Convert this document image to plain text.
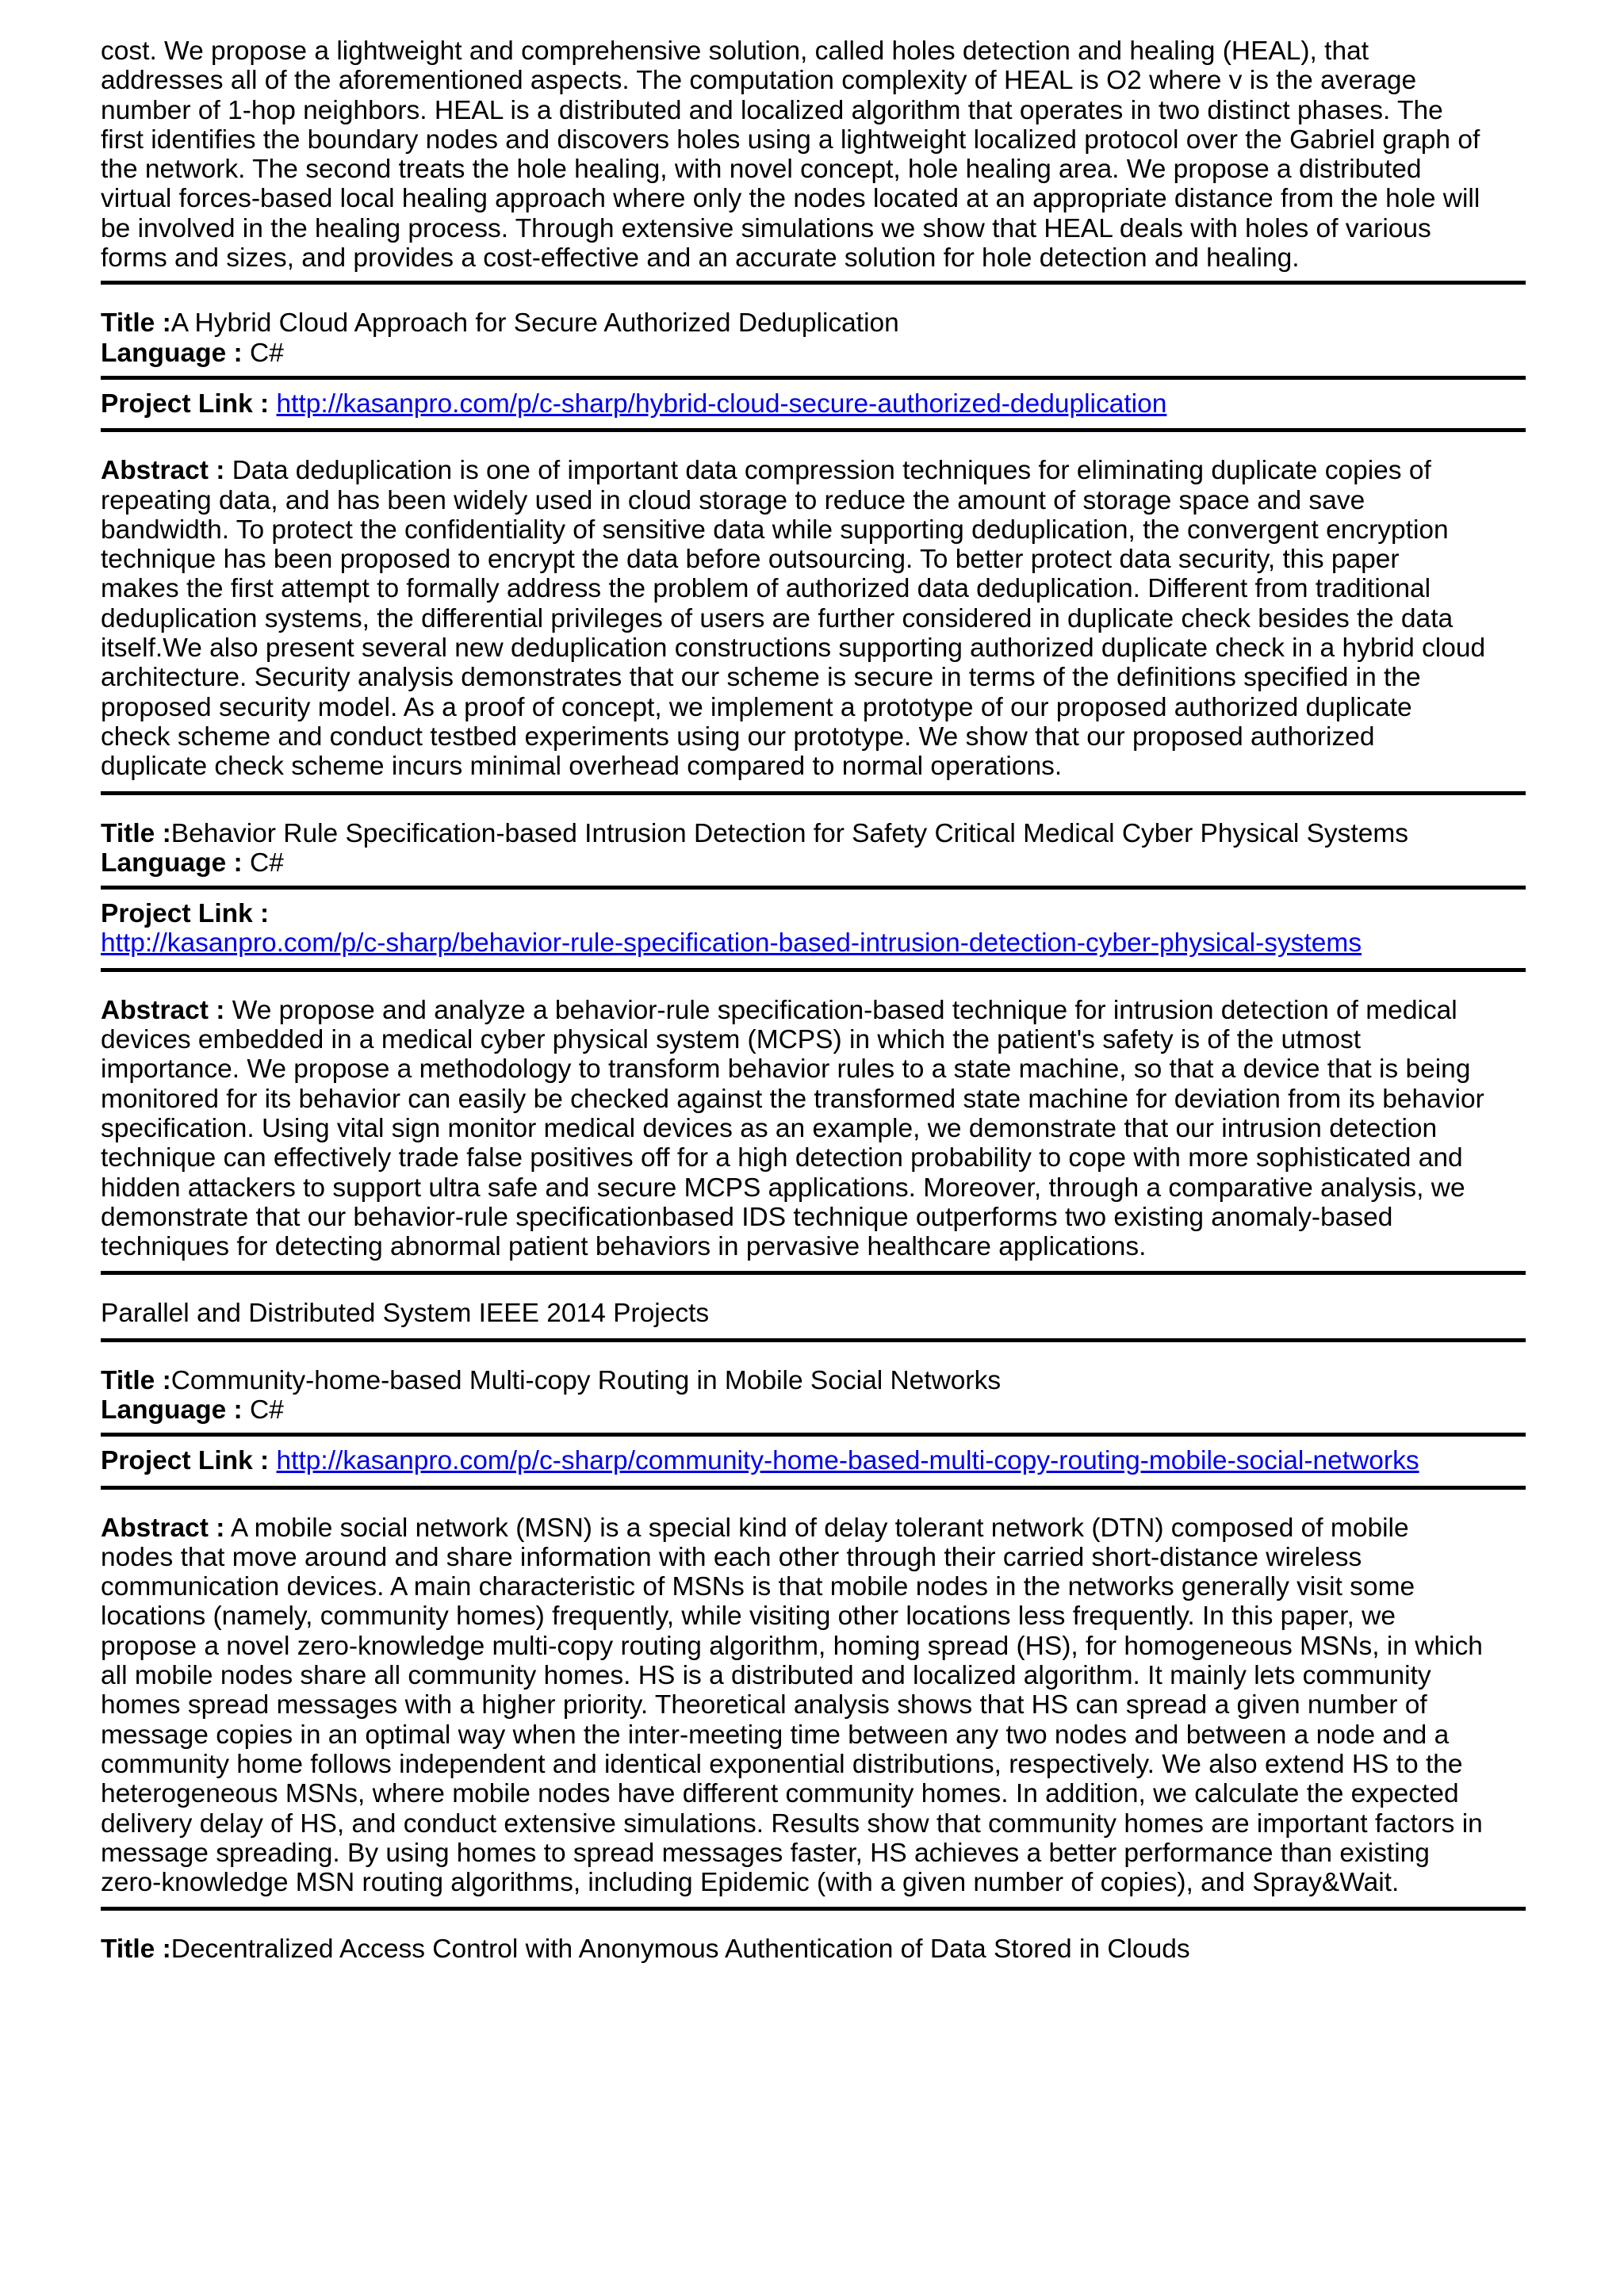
cost. We propose a lightweight and comprehensive solution, called holes detection and healing (HEAL), that
addresses all of the aforementioned aspects. The computation complexity of HEAL is O2 where v is the average
number of 1-hop neighbors. HEAL is a distributed and localized algorithm that operates in two distinct phases. The
first identifies the boundary nodes and discovers holes using a lightweight localized protocol over the Gabriel graph of
the network. The second treats the hole healing, with novel concept, hole healing area. We propose a distributed
virtual forces-based local healing approach where only the nodes located at an appropriate distance from the hole will
be involved in the healing process. Through extensive simulations we show that HEAL deals with holes of various
forms and sizes, and provides a cost-effective and an accurate solution for hole detection and healing.

Title :A Hybrid Cloud Approach for Secure Authorized Deduplication
Language : C#

Project Link : http://kasanpro.com/p/c-sharp/hybrid-cloud-secure-authorized-deduplication

Abstract : Data deduplication is one of important data compression techniques for eliminating duplicate copies of
repeating data, and has been widely used in cloud storage to reduce the amount of storage space and save
bandwidth. To protect the confidentiality of sensitive data while supporting deduplication, the convergent encryption
technique has been proposed to encrypt the data before outsourcing. To better protect data security, this paper
makes the first attempt to formally address the problem of authorized data deduplication. Different from traditional
deduplication systems, the differential privileges of users are further considered in duplicate check besides the data
itself.We also present several new deduplication constructions supporting authorized duplicate check in a hybrid cloud
architecture. Security analysis demonstrates that our scheme is secure in terms of the definitions specified in the
proposed security model. As a proof of concept, we implement a prototype of our proposed authorized duplicate
check scheme and conduct testbed experiments using our prototype. We show that our proposed authorized
duplicate check scheme incurs minimal overhead compared to normal operations.

Title :Behavior Rule Specification-based Intrusion Detection for Safety Critical Medical Cyber Physical Systems
Language : C#

Project Link :
http://kasanpro.com/p/c-sharp/behavior-rule-specification-based-intrusion-detection-cyber-physical-systems

Abstract : We propose and analyze a behavior-rule specification-based technique for intrusion detection of medical
devices embedded in a medical cyber physical system (MCPS) in which the patient's safety is of the utmost
importance. We propose a methodology to transform behavior rules to a state machine, so that a device that is being
monitored for its behavior can easily be checked against the transformed state machine for deviation from its behavior
specification. Using vital sign monitor medical devices as an example, we demonstrate that our intrusion detection
technique can effectively trade false positives off for a high detection probability to cope with more sophisticated and
hidden attackers to support ultra safe and secure MCPS applications. Moreover, through a comparative analysis, we
demonstrate that our behavior-rule specificationbased IDS technique outperforms two existing anomaly-based
techniques for detecting abnormal patient behaviors in pervasive healthcare applications.

Parallel and Distributed System IEEE 2014 Projects

Title :Community-home-based Multi-copy Routing in Mobile Social Networks
Language : C#

Project Link : http://kasanpro.com/p/c-sharp/community-home-based-multi-copy-routing-mobile-social-networks

Abstract : A mobile social network (MSN) is a special kind of delay tolerant network (DTN) composed of mobile
nodes that move around and share information with each other through their carried short-distance wireless
communication devices. A main characteristic of MSNs is that mobile nodes in the networks generally visit some
locations (namely, community homes) frequently, while visiting other locations less frequently. In this paper, we
propose a novel zero-knowledge multi-copy routing algorithm, homing spread (HS), for homogeneous MSNs, in which
all mobile nodes share all community homes. HS is a distributed and localized algorithm. It mainly lets community
homes spread messages with a higher priority. Theoretical analysis shows that HS can spread a given number of
message copies in an optimal way when the inter-meeting time between any two nodes and between a node and a
community home follows independent and identical exponential distributions, respectively. We also extend HS to the
heterogeneous MSNs, where mobile nodes have different community homes. In addition, we calculate the expected
delivery delay of HS, and conduct extensive simulations. Results show that community homes are important factors in
message spreading. By using homes to spread messages faster, HS achieves a better performance than existing
zero-knowledge MSN routing algorithms, including Epidemic (with a given number of copies), and Spray&Wait.

Title :Decentralized Access Control with Anonymous Authentication of Data Stored in Clouds
